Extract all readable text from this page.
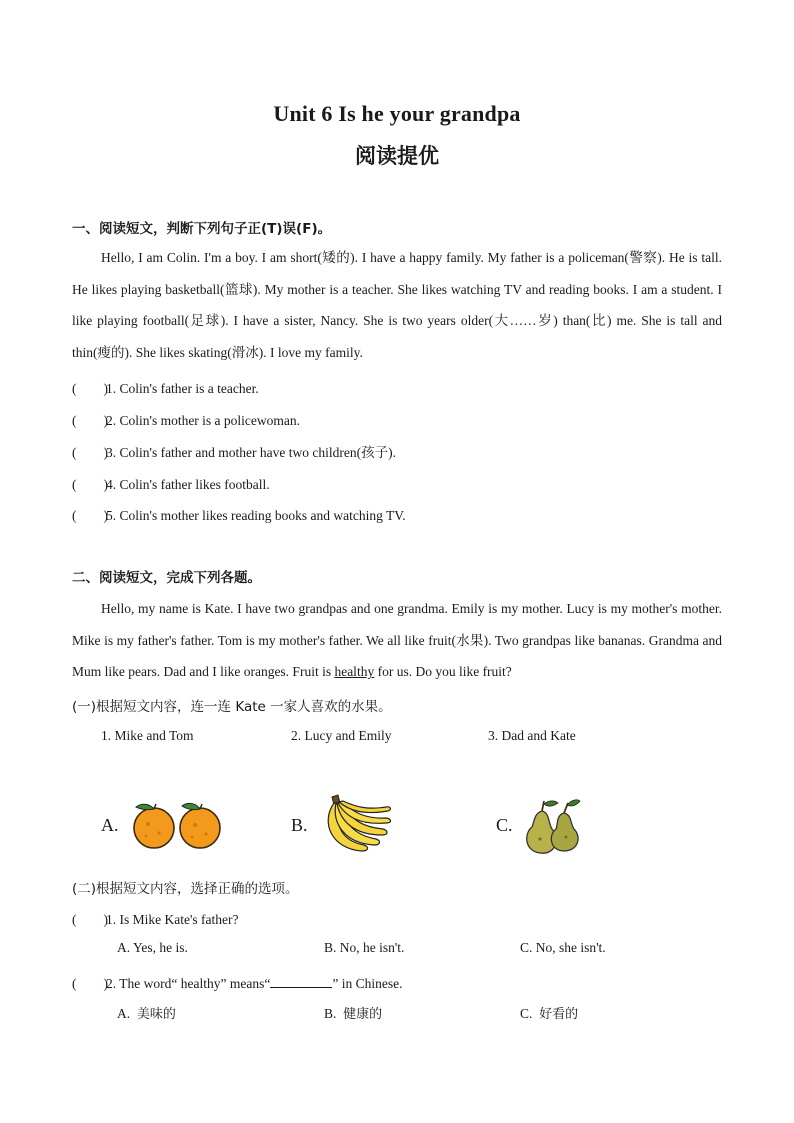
Unit 6 Is he your grandpa
阅读提优
一、阅读短文，判断下列句子正(T)误(F)。

Hello, I am Colin. I'm a boy. I am short(矮的). I have a happy family. My father is a policeman(警察). He is tall. He likes playing basketball(篮球). My mother is a teacher. She likes watching TV and reading books. I am a student. I like playing football(足球). I have a sister, Nancy. She is two years older(大……岁) than(比) me. She is tall and thin(瘦的). She likes skating(滑冰). I love my family.

(　　)1. Colin's father is a teacher.
(　　)2. Colin's mother is a policewoman.
(　　)3. Colin's father and mother have two children(孩子).
(　　)4. Colin's father likes football.
(　　)5. Colin's mother likes reading books and watching TV.
二、阅读短文，完成下列各题。

Hello, my name is Kate. I have two grandpas and one grandma. Emily is my mother. Lucy is my mother's mother. Mike is my father's father. Tom is my mother's father. We all like fruit(水果). Two grandpas like bananas. Grandma and Mum like pears. Dad and I like oranges. Fruit is healthy for us. Do you like fruit?

(一)根据短文内容，连一连 Kate 一家人喜欢的水果。
1. Mike and Tom	2. Lucy and Emily	3. Dad and Kate
A.	B.	C.
(二)根据短文内容，选择正确的选项。
(　　)1. Is Mike Kate's father?
A. Yes, he is.	B. No, he isn't.	C. No, she isn't.
(　　)2. The word“ healthy” means“	” in Chinese.
A. 美味的	B. 健康的	C. 好看的
